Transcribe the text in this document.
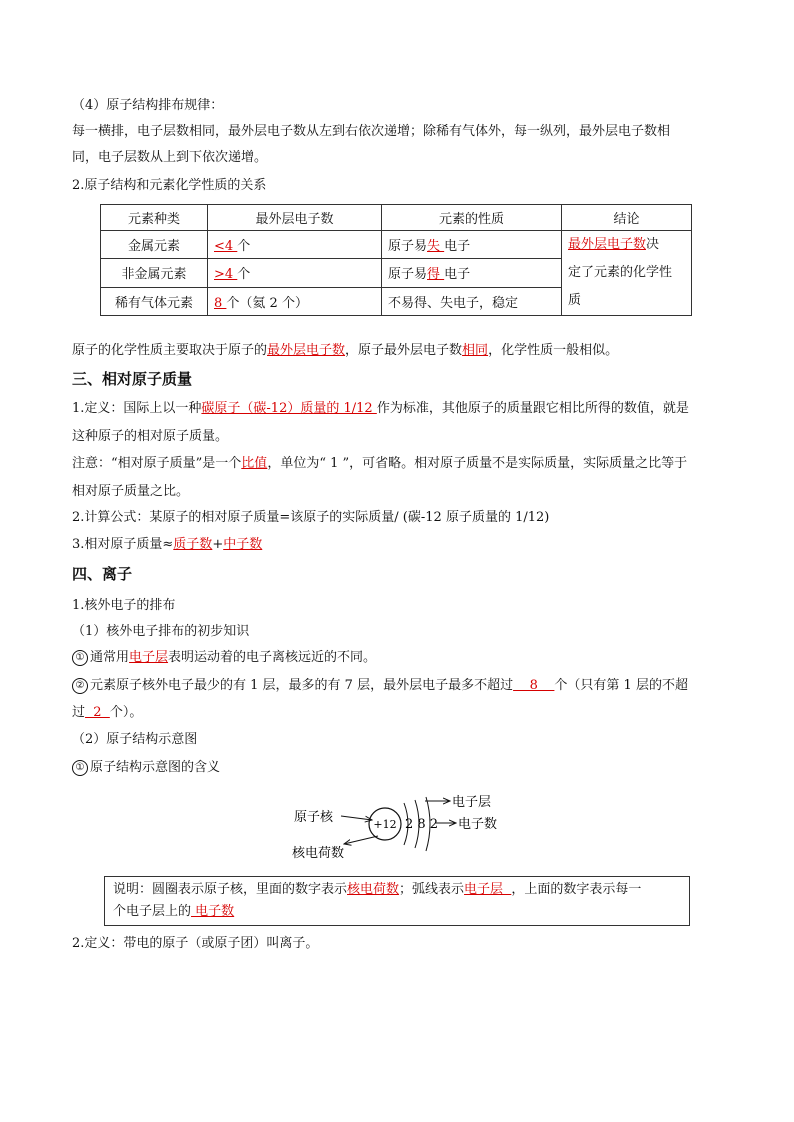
（4）原子结构排布规律：
每一横排，电子层数相同，最外层电子数从左到右依次递增；除稀有气体外，每一纵列，最外层电子数相
同，电子层数从上到下依次递增。
2.原子结构和元素化学性质的关系
元素种类	最外层电子数	元素的性质	结论
金属元素	<4 个	原子易失 电子	最外层电子数决
定了元素的化学性
质
非金属元素	>4 个	原子易得 电子	
稀有气体元素	8 个（氦 2 个）	不易得、失电子，稳定	
原子的化学性质主要取决于原子的最外层电子数，原子最外层电子数相同，化学性质一般相似。
三、相对原子质量
1.定义：国际上以一种碳原子（碳-12）质量的 1/12 作为标准，其他原子的质量跟它相比所得的数值，就是
这种原子的相对原子质量。
注意：“相对原子质量”是一个比值，单位为“ 1 ”，可省略。相对原子质量不是实际质量，实际质量之比等于
相对原子质量之比。
2.计算公式：某原子的相对原子质量=该原子的实际质量/ (碳-12 原子质量的 1/12)
3.相对原子质量≈质子数+中子数
四、离子
1.核外电子的排布
（1）核外电子排布的初步知识
① 通常用电子层表明运动着的电子离核远近的不同。
② 元素原子核外电子最少的有 1 层，最多的有 7 层，最外层电子最多不超过    8    个（只有第 1 层的不超
过  2  个）。
（2）原子结构示意图
① 原子结构示意图的含义
原子核	+12 2 8 2
电子层
电子数
核电荷数
说明：圆圈表示原子核，里面的数字表示核电荷数；弧线表示电子层  ，上面的数字表示每一
个电子层上的 电子数
2.定义：带电的原子（或原子团）叫离子。
